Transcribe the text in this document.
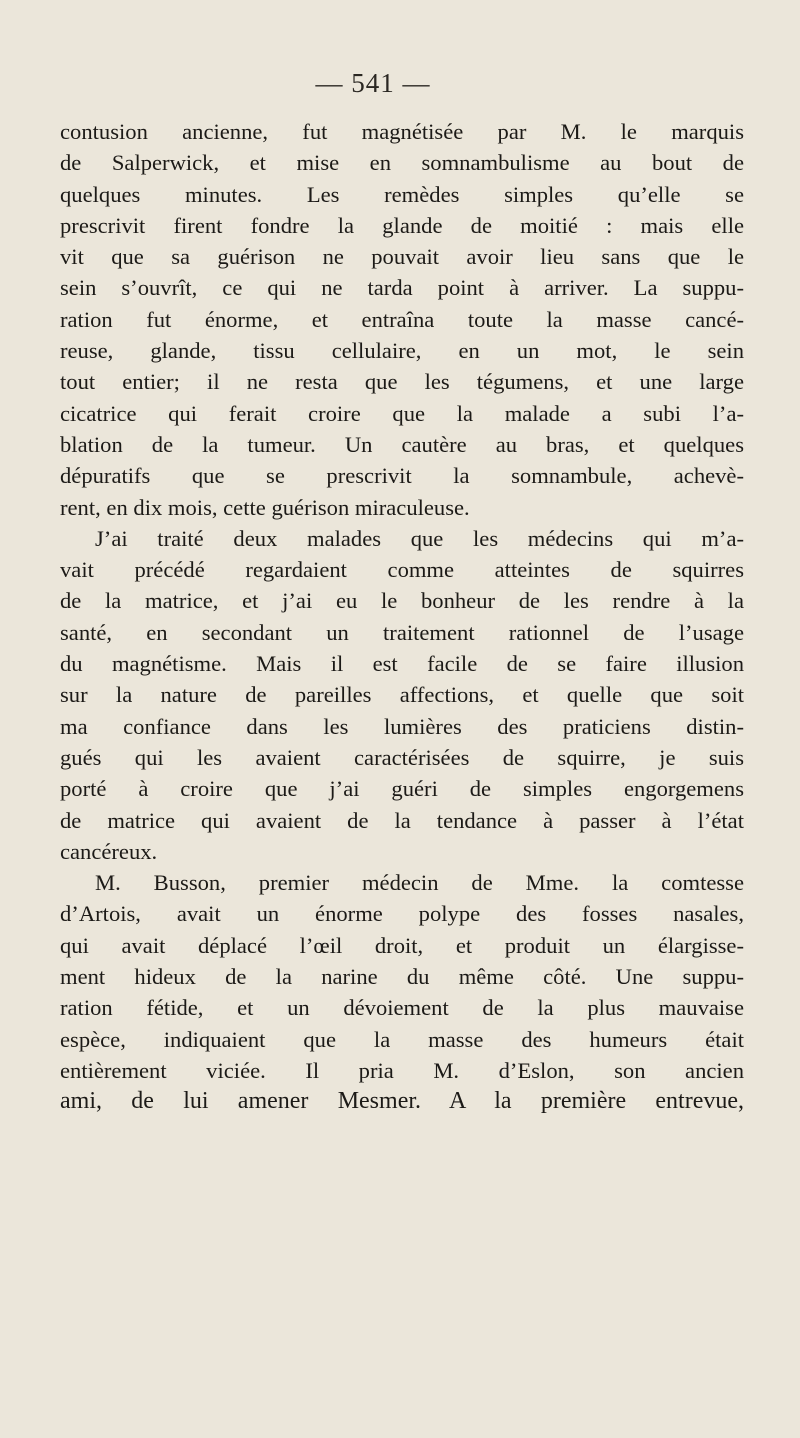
— 541 —
contusion ancienne, fut magnétisée par M. le marquis
de Salperwick, et mise en somnambulisme au bout de
quelques minutes. Les remèdes simples qu’elle se
prescrivit firent fondre la glande de moitié : mais elle
vit que sa guérison ne pouvait avoir lieu sans que le
sein s’ouvrît, ce qui ne tarda point à arriver. La suppu-
ration fut énorme, et entraîna toute la masse cancé-
reuse, glande, tissu cellulaire, en un mot, le sein
tout entier; il ne resta que les tégumens, et une large
cicatrice qui ferait croire que la malade a subi l’a-
blation de la tumeur. Un cautère au bras, et quelques
dépuratifs que se prescrivit la somnambule, achevè-
rent, en dix mois, cette guérison miraculeuse.
J’ai traité deux malades que les médecins qui m’a-
vait précédé regardaient comme atteintes de squirres
de la matrice, et j’ai eu le bonheur de les rendre à la
santé, en secondant un traitement rationnel de l’usage
du magnétisme. Mais il est facile de se faire illusion
sur la nature de pareilles affections, et quelle que soit
ma confiance dans les lumières des praticiens distin-
gués qui les avaient caractérisées de squirre, je suis
porté à croire que j’ai guéri de simples engorgemens
de matrice qui avaient de la tendance à passer à l’état
cancéreux.
M. Busson, premier médecin de Mme. la comtesse
d’Artois, avait un énorme polype des fosses nasales,
qui avait déplacé l’œil droit, et produit un élargisse-
ment hideux de la narine du même côté. Une suppu-
ration fétide, et un dévoiement de la plus mauvaise
espèce, indiquaient que la masse des humeurs était
entièrement viciée. Il pria M. d’Eslon, son ancien
ami, de lui amener Mesmer. A la première entrevue,
